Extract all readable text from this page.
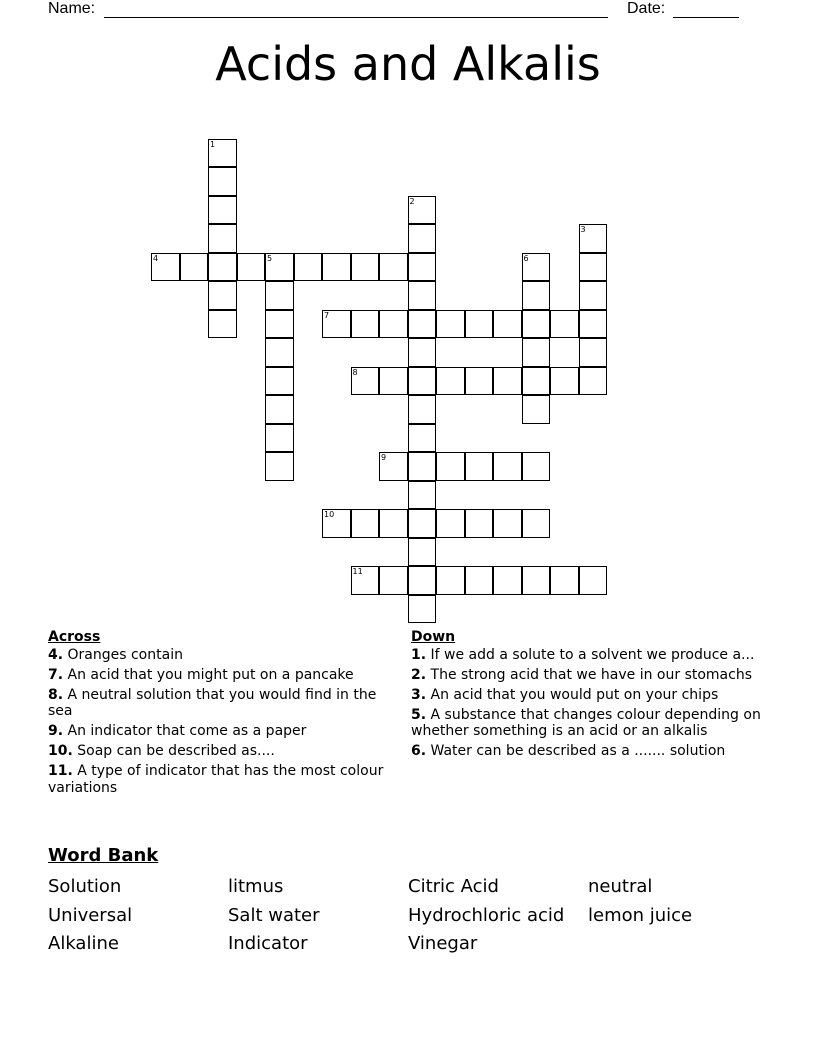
Name:	Date:
Acids and Alkalis
1
2
3
4	5	6
7
8
9
10
11
Across
4. Oranges contain
7. An acid that you might put on a pancake
8. A neutral solution that you would find in the sea
9. An indicator that come as a paper
10. Soap can be described as....
11. A type of indicator that has the most colour variations
Down
1. If we add a solute to a solvent we produce a...
2. The strong acid that we have in our stomachs
3. An acid that you would put on your chips
5. A substance that changes colour depending on whether something is an acid or an alkalis
6. Water can be described as a ....... solution
Word Bank
Solution	litmus	Citric Acid	neutral
Universal	Salt water	Hydrochloric acid	lemon juice
Alkaline	Indicator	Vinegar
